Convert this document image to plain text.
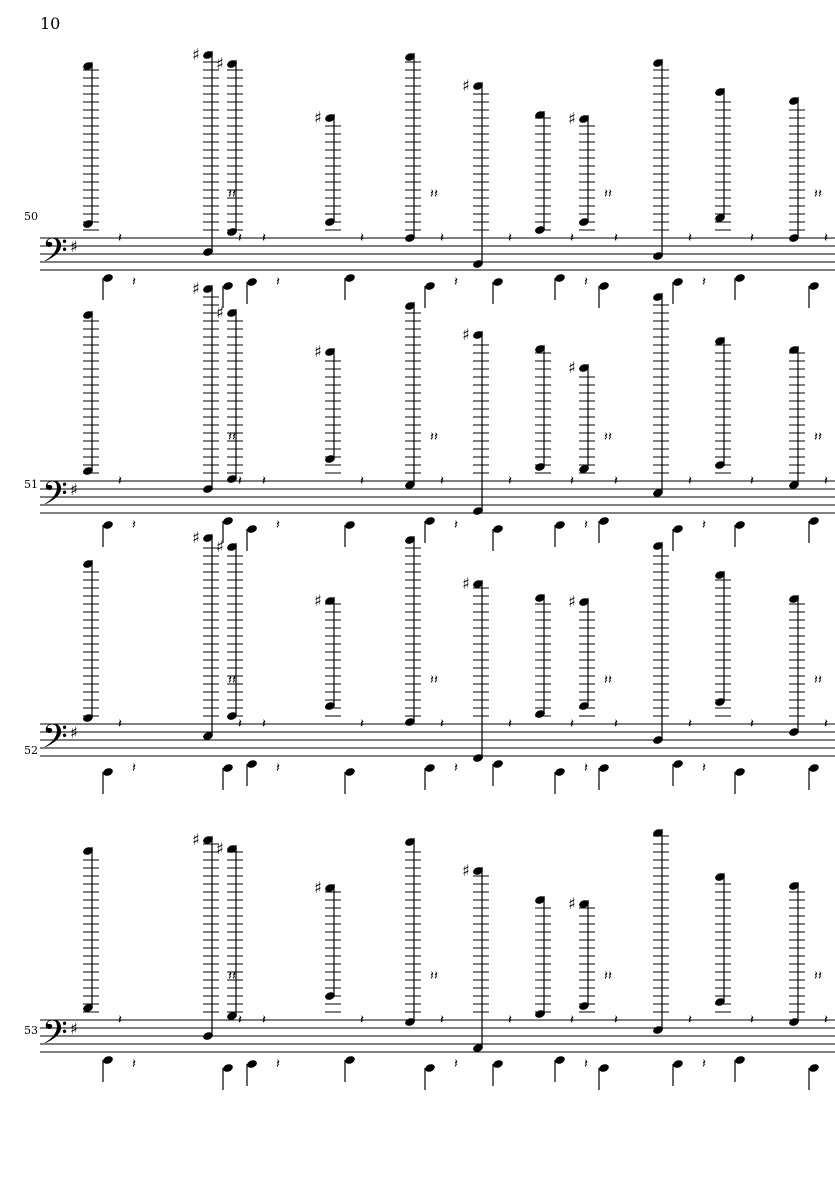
10
50
51
52
53
𝄢 ♯	𝄽
𝄽
♯
𝄽
𝄽𝄽
♯
𝄽
𝄽
♯
𝄽	𝄽
𝄽
𝄽𝄽
♯
𝄽	𝄽
𝄽
♯
𝄽
𝄽𝄽
𝄽
𝄽
𝄽	𝄽
𝄽𝄽
𝄢 ♯	𝄽
𝄽
♯
𝄽
𝄽𝄽
♯
𝄽
𝄽
♯
𝄽	𝄽
𝄽
𝄽𝄽
♯
𝄽	𝄽
𝄽
♯
𝄽
𝄽𝄽
𝄽
𝄽
𝄽	𝄽
𝄽𝄽
𝄢 ♯	𝄽
𝄽
♯
𝄽
𝄽𝄽
♯
𝄽
𝄽
♯
𝄽	𝄽
𝄽
𝄽𝄽
♯
𝄽	𝄽
𝄽
♯
𝄽
𝄽𝄽
𝄽
𝄽
𝄽	𝄽
𝄽𝄽
𝄢 ♯	𝄽
𝄽
♯
𝄽
𝄽𝄽
♯
𝄽
𝄽
♯
𝄽	𝄽
𝄽
𝄽𝄽
♯
𝄽	𝄽
𝄽
♯
𝄽
𝄽𝄽
𝄽
𝄽
𝄽	𝄽
𝄽𝄽
